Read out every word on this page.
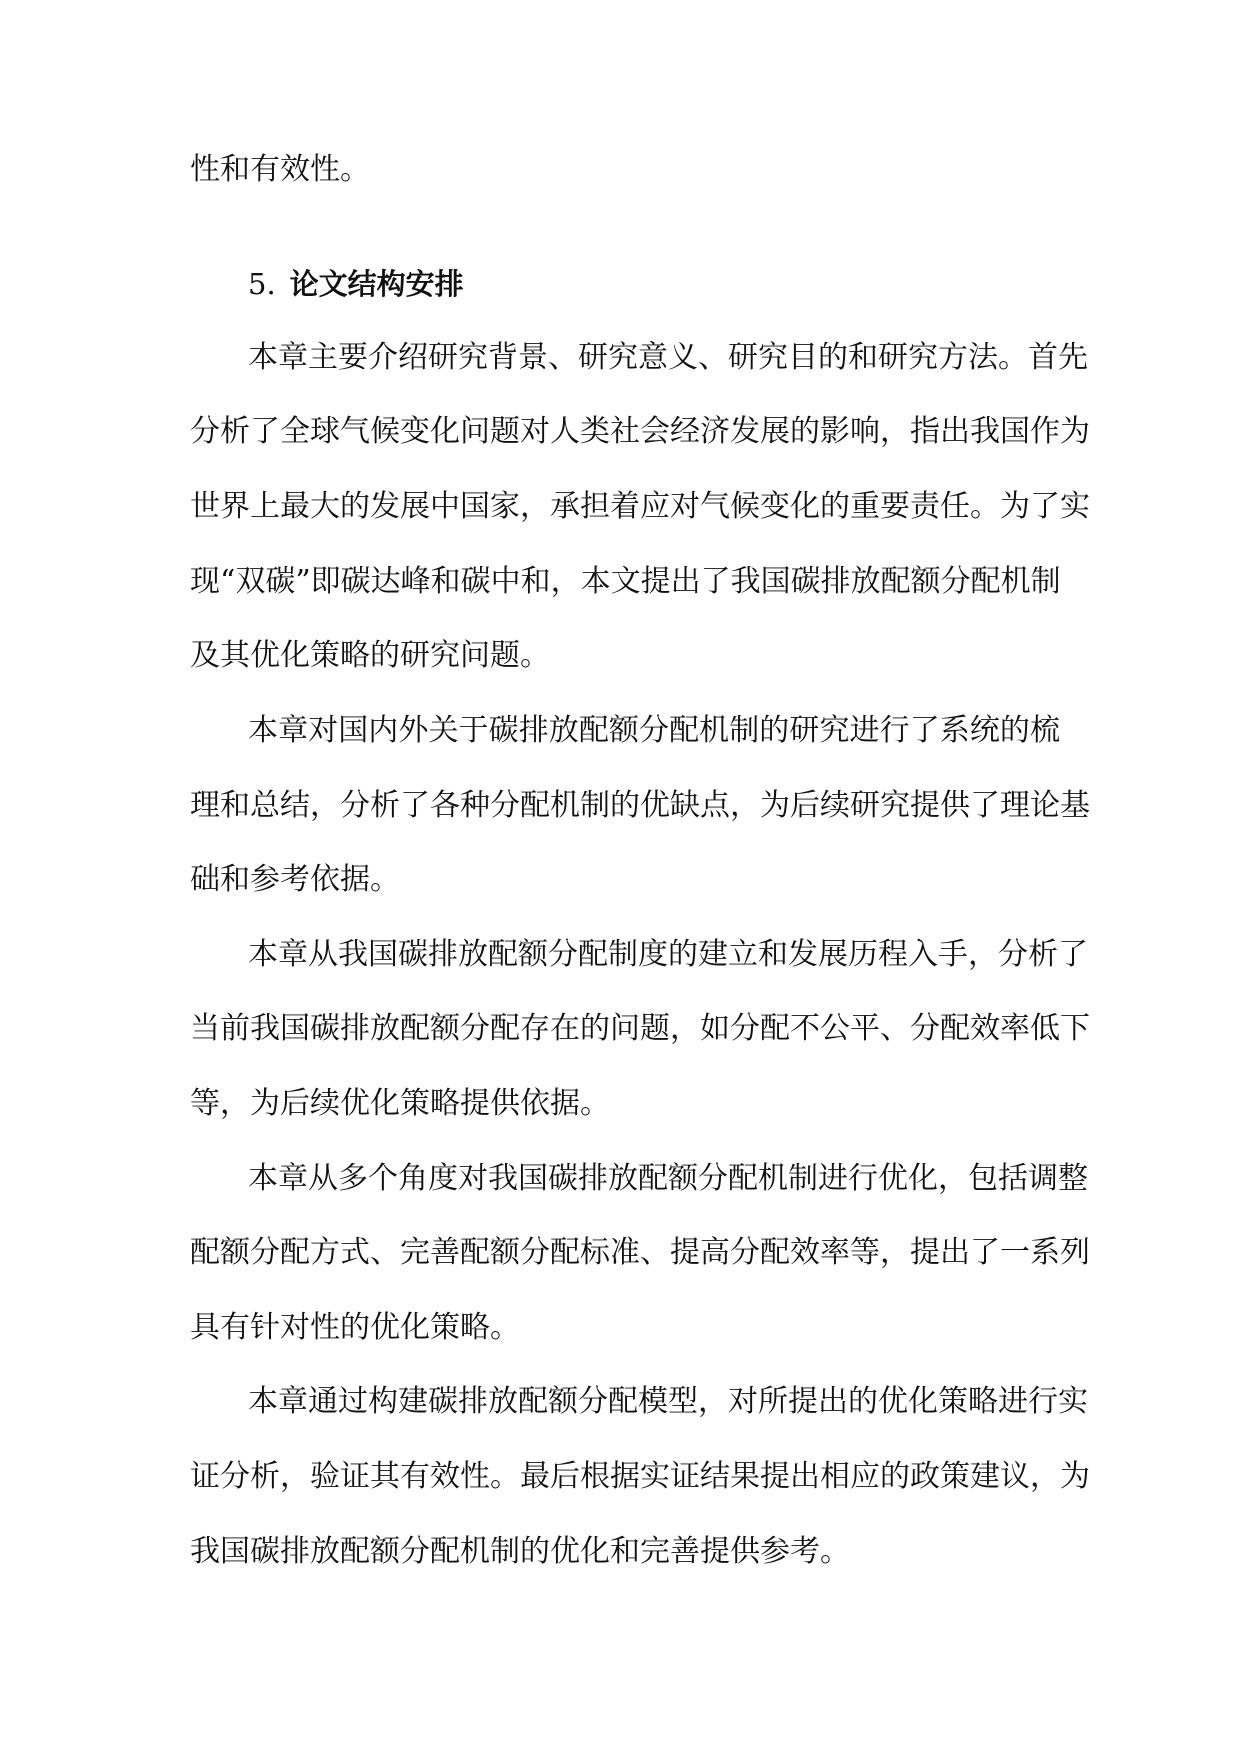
性和有效性。
5. 论文结构安排
本章主要介绍研究背景、研究意义、研究目的和研究方法。首先
分析了全球气候变化问题对人类社会经济发展的影响，指出我国作为
世界上最大的发展中国家，承担着应对气候变化的重要责任。为了实
现“双碳”即碳达峰和碳中和，本文提出了我国碳排放配额分配机制
及其优化策略的研究问题。
本章对国内外关于碳排放配额分配机制的研究进行了系统的梳
理和总结，分析了各种分配机制的优缺点，为后续研究提供了理论基
础和参考依据。
本章从我国碳排放配额分配制度的建立和发展历程入手，分析了
当前我国碳排放配额分配存在的问题，如分配不公平、分配效率低下
等，为后续优化策略提供依据。
本章从多个角度对我国碳排放配额分配机制进行优化，包括调整
配额分配方式、完善配额分配标准、提高分配效率等，提出了一系列
具有针对性的优化策略。
本章通过构建碳排放配额分配模型，对所提出的优化策略进行实
证分析，验证其有效性。最后根据实证结果提出相应的政策建议，为
我国碳排放配额分配机制的优化和完善提供参考。
